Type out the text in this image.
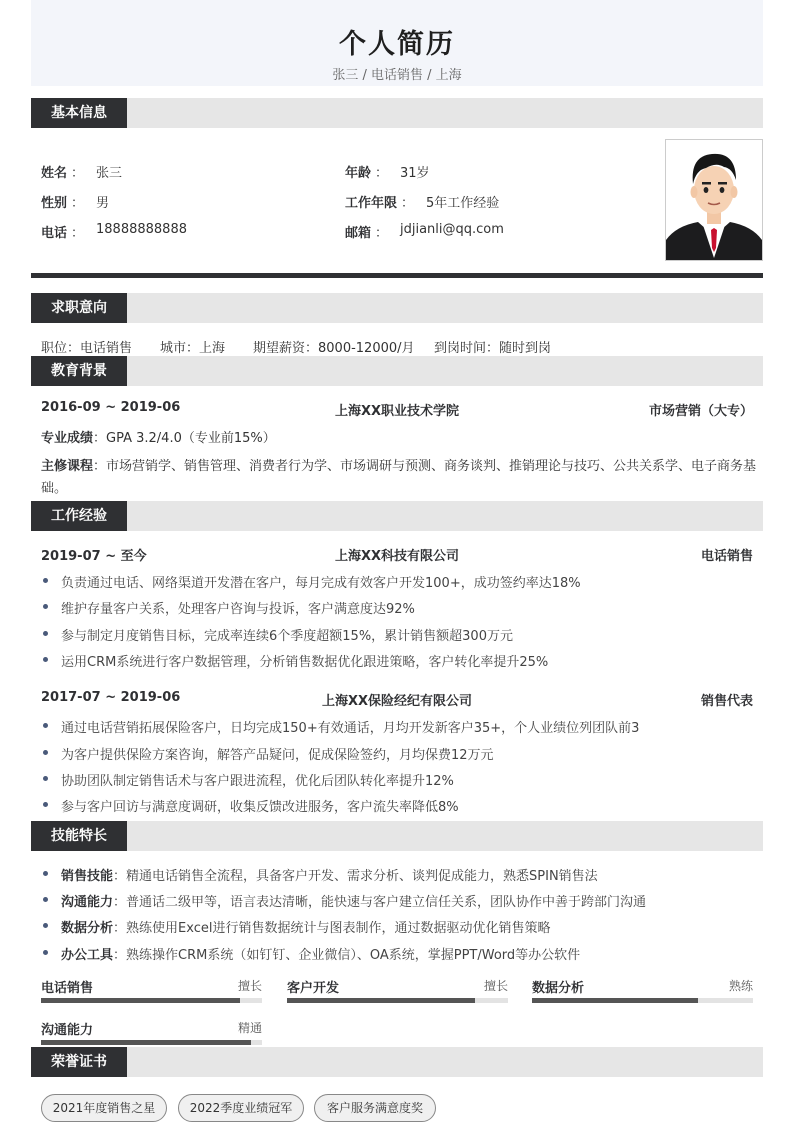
个人简历
张三 / 电话销售 / 上海
基本信息
姓名 ： 张三	年龄 ： 31岁
性别 ： 男	工作年限 ： 5年工作经验
电话 ： 18888888888	邮箱 ： jdjianli@qq.com
求职意向
职位：电话销售 城市：上海 期望薪资：8000-12000/月 到岗时间：随时到岗
教育背景
2016-09 ~ 2019-06	上海XX职业技术学院	市场营销（大专）
专业成绩：GPA 3.2/4.0（专业前15%）
主修课程：市场营销学、销售管理、消费者行为学、市场调研与预测、商务谈判、推销理论与技巧、公共关系学、电子商务基
础。
工作经验
2019-07 ~ 至今	上海XX科技有限公司	电话销售
负责通过电话、网络渠道开发潜在客户，每月完成有效客户开发100+，成功签约率达18%
维护存量客户关系，处理客户咨询与投诉，客户满意度达92%
参与制定月度销售目标，完成率连续6个季度超额15%，累计销售额超300万元
运用CRM系统进行客户数据管理，分析销售数据优化跟进策略，客户转化率提升25%
2017-07 ~ 2019-06	上海XX保险经纪有限公司	销售代表
通过电话营销拓展保险客户，日均完成150+有效通话，月均开发新客户35+，个人业绩位列团队前3
为客户提供保险方案咨询，解答产品疑问，促成保险签约，月均保费12万元
协助团队制定销售话术与客户跟进流程，优化后团队转化率提升12%
参与客户回访与满意度调研，收集反馈改进服务，客户流失率降低8%
技能特长
销售技能：精通电话销售全流程，具备客户开发、需求分析、谈判促成能力，熟悉SPIN销售法
沟通能力：普通话二级甲等，语言表达清晰，能快速与客户建立信任关系，团队协作中善于跨部门沟通
数据分析：熟练使用Excel进行销售数据统计与图表制作，通过数据驱动优化销售策略
办公工具：熟练操作CRM系统（如钉钉、企业微信）、OA系统，掌握PPT/Word等办公软件
电话销售	擅长 客户开发	擅长 数据分析	熟练
沟通能力	精通
荣誉证书
2021年度销售之星	2022季度业绩冠军	客户服务满意度奖
